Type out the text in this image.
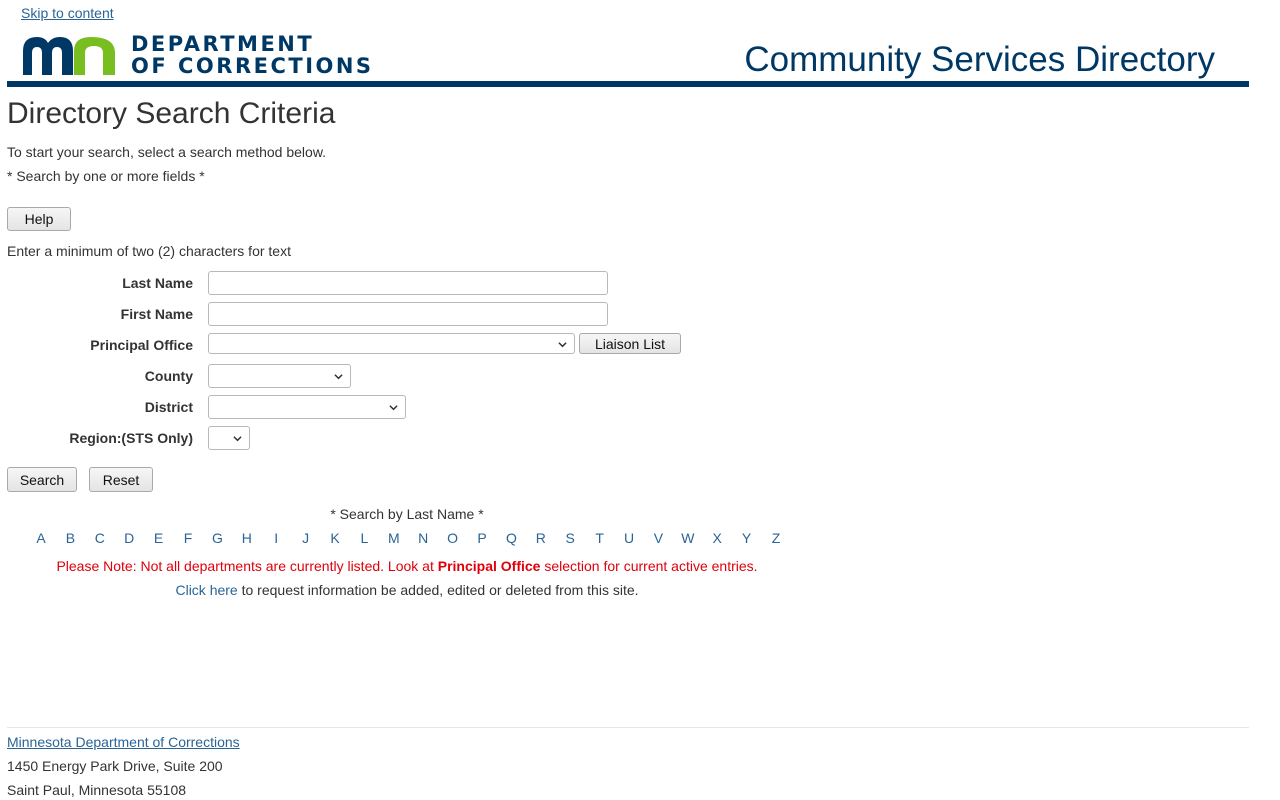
Skip to content
DEPARTMENT
OF CORRECTIONS	Community Services Directory
Directory Search Criteria
To start your search, select a search method below.
* Search by one or more fields *
Help
Enter a minimum of two (2) characters for text
Last Name
First Name
Principal Office	Liaison List
County
District
Region:(STS Only)
Search	Reset
* Search by Last Name *
A B C D E F G H I J K L M N O P Q R S T U V W X Y Z
Please Note: Not all departments are currently listed. Look at Principal Office selection for current active entries.
Click here to request information be added, edited or deleted from this site.
Minnesota Department of Corrections
1450 Energy Park Drive, Suite 200
Saint Paul, Minnesota 55108
